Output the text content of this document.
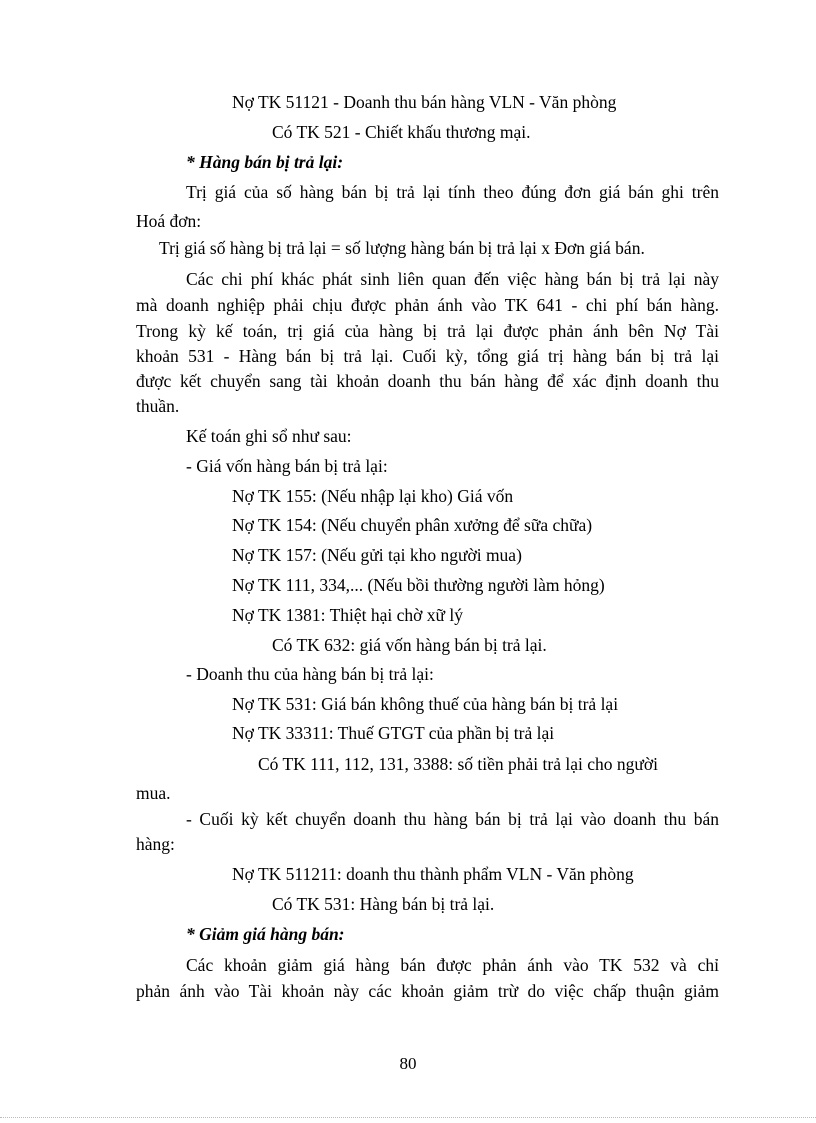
Nợ TK 51121 - Doanh thu bán hàng VLN - Văn phòng
Có TK 521 - Chiết khấu thương mại.
* Hàng bán bị trả lại:
Trị giá của số hàng bán bị trả lại tính theo đúng đơn giá bán ghi trên
Hoá đơn:
Trị giá số hàng bị trả lại = số lượng hàng bán bị trả lại x Đơn giá bán.
Các chi phí khác phát sinh liên quan đến việc hàng bán bị trả lại này
mà doanh nghiệp phải chịu được phản ánh vào TK 641 - chi phí bán hàng.
Trong kỳ kế toán, trị giá của hàng bị trả lại được phản ánh bên Nợ Tài
khoản 531 - Hàng bán bị trả lại. Cuối kỳ, tổng giá trị hàng bán bị trả lại
được kết chuyển sang tài khoản doanh thu bán hàng để xác định doanh thu
thuần.
Kế toán ghi sổ như sau:
- Giá vốn hàng bán bị trả lại:
Nợ TK 155: (Nếu nhập lại kho) Giá vốn
Nợ TK 154: (Nếu chuyển phân xưởng để sữa chữa)
Nợ TK 157: (Nếu gửi tại kho người mua)
Nợ TK 111, 334,... (Nếu bồi thường người làm hỏng)
Nợ TK 1381: Thiệt hại chờ xữ lý
Có TK 632: giá vốn hàng bán bị trả lại.
- Doanh thu của hàng bán bị trả lại:
Nợ TK 531: Giá bán không thuế của hàng bán bị trả lại
Nợ TK 33311: Thuế GTGT của phần bị trả lại
Có TK 111, 112, 131, 3388: số tiền phải trả lại cho người
mua.
- Cuối kỳ kết chuyển doanh thu hàng bán bị trả lại vào doanh thu bán
hàng:
Nợ TK 511211: doanh thu thành phẩm VLN - Văn phòng
Có TK 531: Hàng bán bị trả lại.
* Giảm giá hàng bán:
Các khoản giảm giá hàng bán được phản ánh vào TK 532 và chỉ
phản ánh vào Tài khoản này các khoản giảm trừ do việc chấp thuận giảm
80
